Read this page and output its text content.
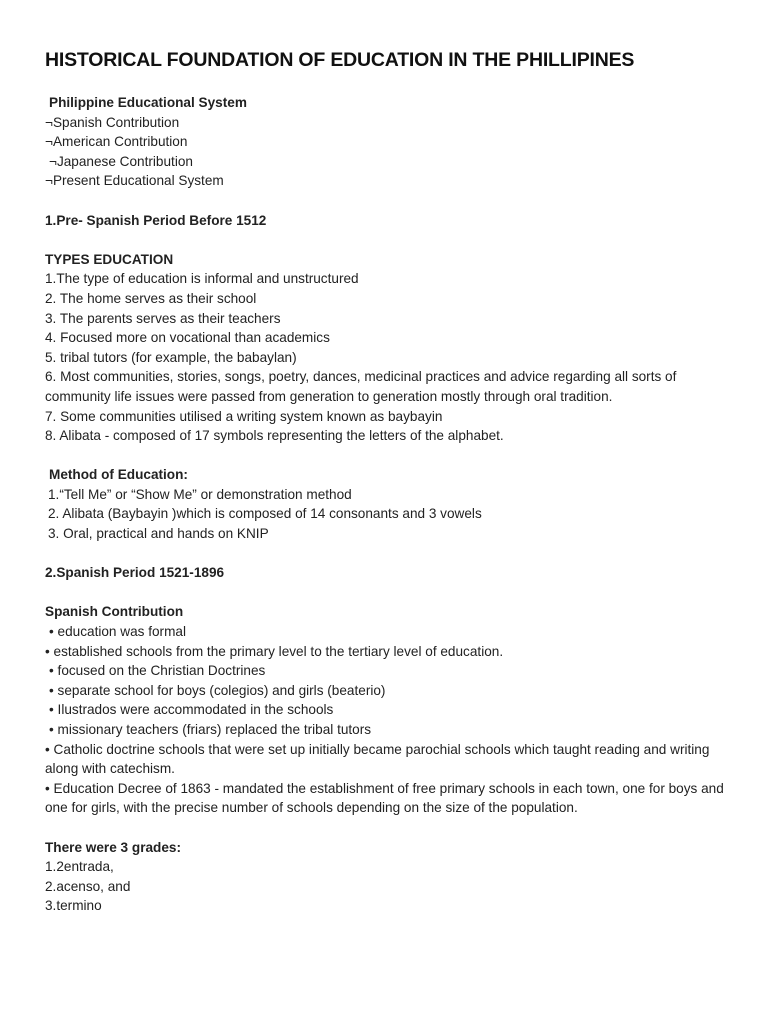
HISTORICAL FOUNDATION OF EDUCATION IN THE PHILLIPINES
Philippine Educational System
¬Spanish Contribution
¬American Contribution
¬Japanese Contribution
¬Present Educational System
1.Pre- Spanish Period Before 1512
TYPES EDUCATION
1.The type of education is informal and unstructured
2. The home serves as their school
3. The parents serves as their teachers
4. Focused more on vocational than academics
5. tribal tutors (for example, the babaylan)
6. Most communities, stories, songs, poetry, dances, medicinal practices and advice regarding all sorts of community life issues were passed from generation to generation mostly through oral tradition.
7. Some communities utilised a writing system known as baybayin
8. Alibata - composed of 17 symbols representing the letters of the alphabet.
Method of Education:
1.“Tell Me” or “Show Me” or demonstration method
2. Alibata (Baybayin )which is composed of 14 consonants and 3 vowels
3. Oral, practical and hands on KNIP
2.Spanish Period 1521-1896
Spanish Contribution
• education was formal
• established schools from the primary level to the tertiary level of education.
• focused on the Christian Doctrines
• separate school for boys (colegios) and girls (beaterio)
• Ilustrados were accommodated in the schools
• missionary teachers (friars) replaced the tribal tutors
• Catholic doctrine schools that were set up initially became parochial schools which taught reading and writing along with catechism.
• Education Decree of 1863 - mandated the establishment of free primary schools in each town, one for boys and one for girls, with the precise number of schools depending on the size of the population.
There were 3 grades:
1.2entrada,
2.acenso, and
3.termino
